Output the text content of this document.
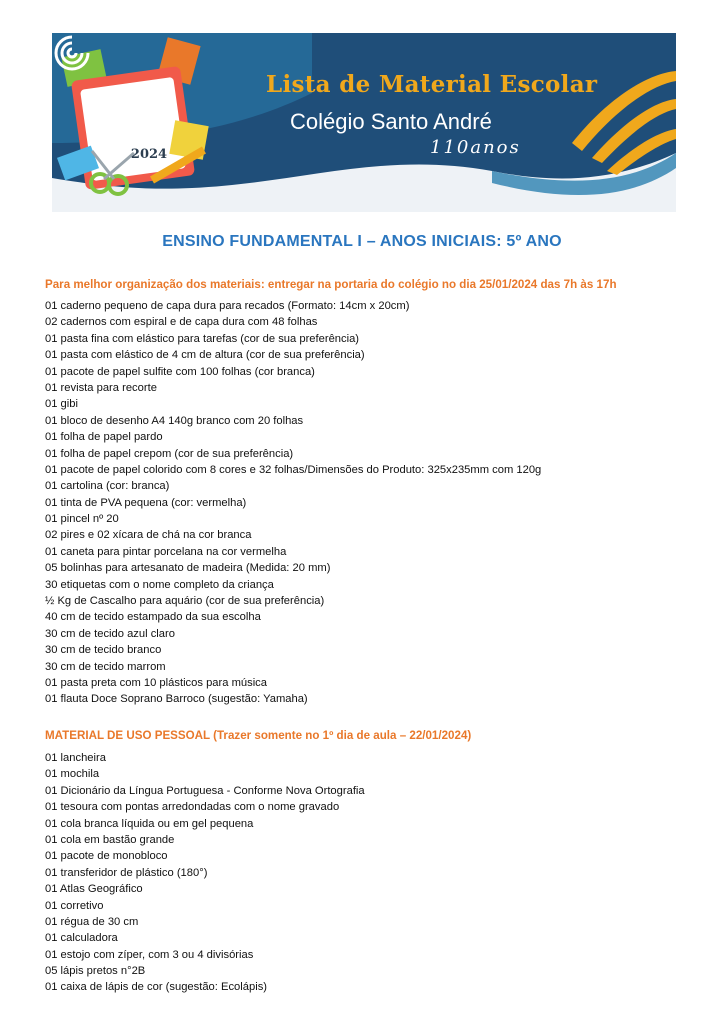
Lista de Material Escolar

Colégio Santo André
110anos
2024
ENSINO FUNDAMENTAL I – ANOS INICIAIS: 5º ANO

Para melhor organização dos materiais: entregar na portaria do colégio no dia 25/01/2024 das 7h às 17h

01 caderno pequeno de capa dura para recados (Formato: 14cm x 20cm)
02 cadernos com espiral e de capa dura com 48 folhas
01 pasta fina com elástico para tarefas (cor de sua preferência)
01 pasta com elástico de 4 cm de altura (cor de sua preferência)
01 pacote de papel sulfite com 100 folhas (cor branca)
01 revista para recorte
01 gibi
01 bloco de desenho A4 140g branco com 20 folhas
01 folha de papel pardo
01 folha de papel crepom (cor de sua preferência)
01 pacote de papel colorido com 8 cores e 32 folhas/Dimensões do Produto: 325x235mm com 120g
01 cartolina (cor: branca)
01 tinta de PVA pequena (cor: vermelha)
01 pincel nº 20
02 pires e 02 xícara de chá na cor branca
01 caneta para pintar porcelana na cor vermelha
05 bolinhas para artesanato de madeira (Medida: 20 mm)
30 etiquetas com o nome completo da criança
½ Kg de Cascalho para aquário (cor de sua preferência)
40 cm de tecido estampado da sua escolha
30 cm de tecido azul claro
30 cm de tecido branco
30 cm de tecido marrom
01 pasta preta com 10 plásticos para música
01 flauta Doce Soprano Barroco (sugestão: Yamaha)

MATERIAL DE USO PESSOAL (Trazer somente no 1º dia de aula – 22/01/2024)

01 lancheira
01 mochila
01 Dicionário da Língua Portuguesa - Conforme Nova Ortografia
01 tesoura com pontas arredondadas com o nome gravado
01 cola branca líquida ou em gel pequena
01 cola em bastão grande
01 pacote de monobloco
01 transferidor de plástico (180°)
01 Atlas Geográfico
01 corretivo
01 régua de 30 cm
01 calculadora
01 estojo com zíper, com 3 ou 4 divisórias
05 lápis pretos n°2B
01 caixa de lápis de cor (sugestão: Ecolápis)
